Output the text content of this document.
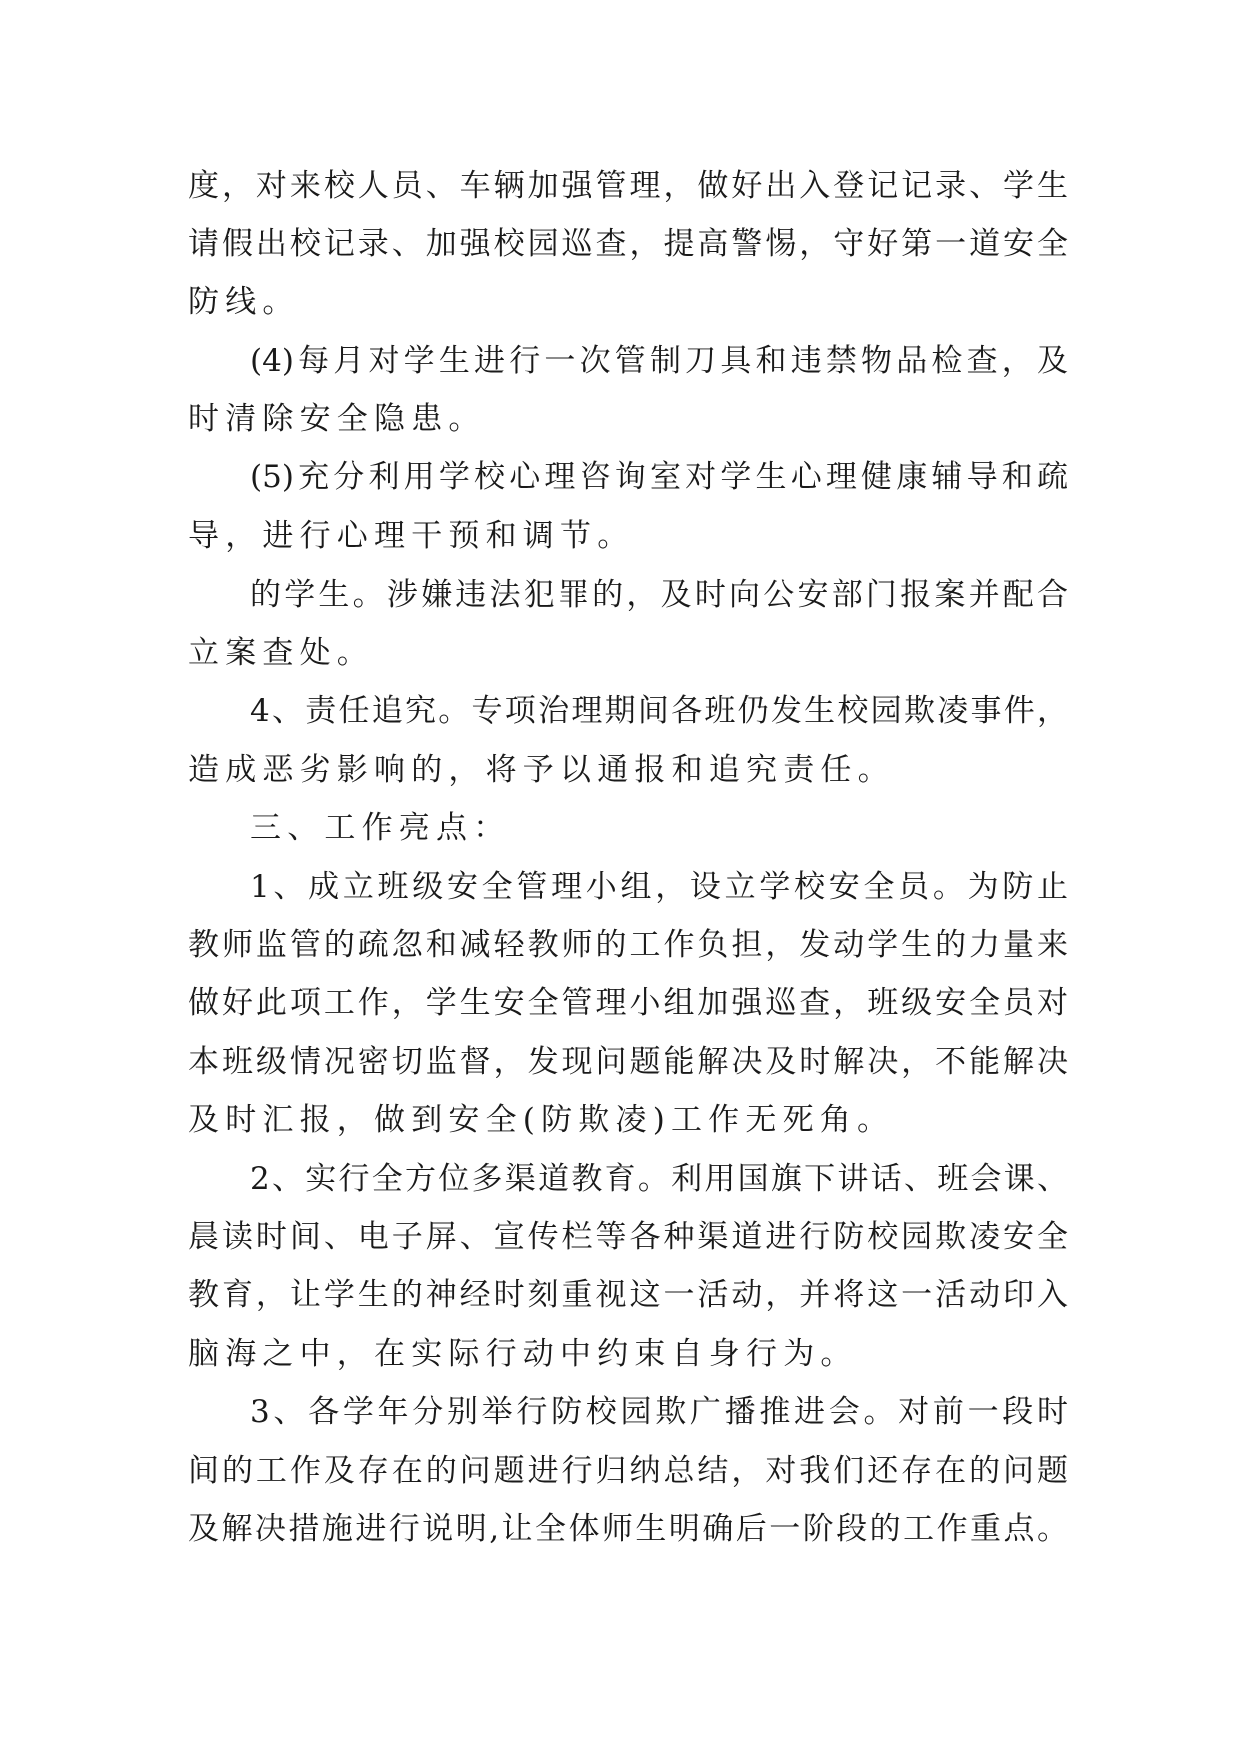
度，对来校人员、车辆加强管理，做好出入登记记录、学生
请假出校记录、加强校园巡查，提高警惕，守好第一道安全
防线。
(4)每月对学生进行一次管制刀具和违禁物品检查，及
时清除安全隐患。
(5)充分利用学校心理咨询室对学生心理健康辅导和疏
导，进行心理干预和调节。
的学生。涉嫌违法犯罪的，及时向公安部门报案并配合
立案查处。
4、责任追究。专项治理期间各班仍发生校园欺凌事件，
造成恶劣影响的，将予以通报和追究责任。
三、工作亮点：
1、成立班级安全管理小组，设立学校安全员。为防止
教师监管的疏忽和减轻教师的工作负担，发动学生的力量来
做好此项工作，学生安全管理小组加强巡查，班级安全员对
本班级情况密切监督，发现问题能解决及时解决，不能解决
及时汇报，做到安全(防欺凌)工作无死角。
2、实行全方位多渠道教育。利用国旗下讲话、班会课、
晨读时间、电子屏、宣传栏等各种渠道进行防校园欺凌安全
教育，让学生的神经时刻重视这一活动，并将这一活动印入
脑海之中，在实际行动中约束自身行为。
3、各学年分别举行防校园欺广播推进会。对前一段时
间的工作及存在的问题进行归纳总结，对我们还存在的问题
及解决措施进行说明,让全体师生明确后一阶段的工作重点。
